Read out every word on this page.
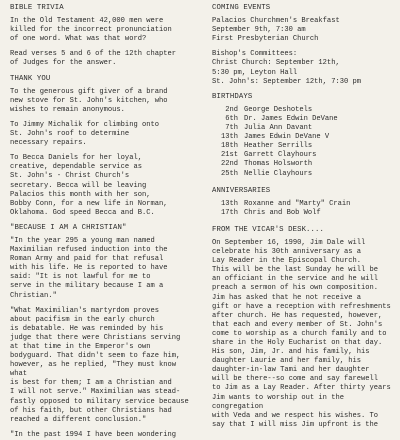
BIBLE TRIVIA
In the Old Testament 42,000 men were
killed for the incorrect pronunciation
of one word. What was that word?
Read verses 5 and 6 of the 12th chapter
of Judges for the answer.
THANK YOU
To the generous gift giver of a brand
new stove for St. John's kitchen, who
wishes to remain anonymous.
To Jimmy Michalik for climbing onto
St. John's roof to determine
necessary repairs.
To Becca Daniels for her loyal,
creative, dependable service as
St. John's - Christ Church's
secretary. Becca will be leaving
Palacios this month with her son,
Bobby Conn, for a new life in Norman,
Oklahoma. God speed Becca and B.C.
"BECAUSE I AM A CHRISTIAN"
"In the year 295 a young man named
Maximilian refused induction into the
Roman Army and paid for that refusal
with his life. He is reported to have
said: "It is not lawful for me to
serve in the military because I am a
Christian."
"What Maximilian's martyrdom proves
about pacifism in the early church
is debatable. He was reminded by his
judge that there were Christians serving
at that time in the Emperor's own
bodyguard. That didn't seem to faze him,
however, as he replied, "They must know what
is best for them; I am a Christian and
I will not serve." Maximilian was stead-
fastly opposed to military service because
of his faith, but other Christians had
reached a different conclusion."
"In the past 1994 I have been wondering
COMING EVENTS
Palacios Churchmen's Breakfast
September 9th, 7:30 am
First Presbyterian Church
Bishop's Committees:
Christ Church: September 12th,
5:30 pm, Leyton Hall
St. John's: September 12th, 7:30 pm
BIRTHDAYS
2nd George Deshotels
6th Dr. James Edwin DeVane
7th Julia Ann Davant
13th James Edwin DeVane V
18th Heather Serrills
21st Garrett Clayhours
22nd Thomas Holsworth
25th Nellie Clayhours
ANNIVERSARIES
13th Roxanne and "Marty" Crain
17th Chris and Bob Wolf
FROM THE VICAR'S DESK....
On September 16, 1990, Jim Dale will
celebrate his 30th anniversary as a
Lay Reader in the Episcopal Church.
This will be the last Sunday he will be
an officiant in the service and he will
preach a sermon of his own composition.
Jim has asked that he not receive a
gift or have a reception with refreshments
after church. He has requested, however,
that each and every member of St. John's
come to worship as a church family and to
share in the Holy Eucharist on that day.
His son, Jim, Jr. and his family, his
daughter Laurie and her family, his
daughter-in-law Tami and her daughter
will be there--so come and say farewell
to Jim as a Lay Reader. After thirty years
Jim wants to worship out in the congregation
with Veda and we respect his wishes. To
say that I will miss Jim upfront is the
